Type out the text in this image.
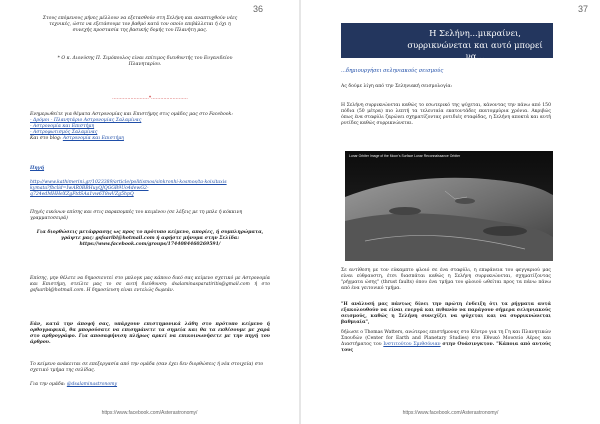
36
Στους επόμενους μήνες μέλλουν να εξετασθούν στη Σελήνη και αναπτυχθούν νέες τεχνικές, ώστε να εξετάσουμε τον βαθμό κατά τον οποίο επιβάλλεται ή όχι η συνεχής προστασία της βασικής δομής του Πλανήτη μας.
* Ο κ. Διονύσης Π. Σιμόπουλος είναι επίτιμος διευθυντής του Ευγενιδείου Πλανηταρίου.
……………………*……………………
Ενημερωθείτε για θέματα Αστρονομίας και Επιστήμης στις ομάδες μας στο Facebook:
- Δρόμοι - Πλανητάριο Αστρονομίας Σαλαμίνας
- Αστρονομία και Επιστήμη
- Αστροφωτισμός Σαλαμίνας
Και στο blog: Αστρονομία και Επιστήμη
Πηγή
http://www.kathimerini.gr/1023389/article/politismos/sinkronhi-kosmos/ta-koixitaxis
kymata?fbclid=IwAR0BBHuyQJQGGB9Uo4dewG2-
q724edMHHeXZgFtdSAa1vw6T8wVZg5hpQ
Πηγές εικόνων επίσης και στις παραπομπές του κειμένου (σε λέξεις με τη μπλε ή κόκκινη γραμματοσειρά)
Για διορθώσεις μετάφρασης ως προς το πρότυπο κείμενο, απορίες, ή συμπληρώματα, γράψτε μας: gsfsaribl@hotmail.com ή αφήστε μήνυμα στην Σελίδα: https://www.facebook.com/groups/1744084460269591/
Επίσης, μην θέλετε να δημοσιευτεί στο μπλογκ μας κάποιο δικό σας κείμενο σχετικό με Αστρονομία και Επιστήμη, στείλτε μας το σε αυτή διεύθυνση: dsalaminasparatiritis@gmail.com ή στο gsfsaribl@hotmail.com. Η δημοσίευση είναι εντελώς δωρεάν.
Εάν, κατά την άποψή σας, υπάρχουν επιστημονικά λάθη στο πρότυπο κείμενο ή ορθογραφικά, θα μπορούσατε να επισημάνετε τα σημεία και θα τα εκθέσουμε με χαρά στο αρθρογράφο. Για αποσαφήνιση πλήρως αρκεί να επικοινωνήσετε με την πηγή του άρθρου.
Το κείμενο ανάκειται σε επεξεργασία από την ομάδα (σαν έχει δεν διορθώσεις ή νέα στοιχεία) στο σχετικό τμήμα της σελίδας.
Για την ομάδα: @dsalaminastronomy
https://www.facebook.com/Asterastronomy/
37
Η Σελήνη...μικραίνει, συρρικνώνεται και αυτό μπορεί να...
...δημιουργήσει σεληνιακούς σεισμούς
Ας δούμε λίγη από την Σεληνιακή σεισμολογία:
Η Σελήνη συρρικνώνεται καθώς το εσωτερικό της ψύχεται, κάνοντας την πάνω από 150 πόδια (50 μέτρα) πιο λεπτή τα τελευταία εκατοντάδες εκατομμύρια χρόνια. Ακριβώς όπως ένα σταφύλι ζαρώνει σχηματίζοντας ρυτιδιές σταφίδας, η Σελήνη αποκτά και αυτή ρυτίδες καθώς συρρικνώνεται.
Lunar Orbiter Image of the Moon's Surface Lunar Reconnaissance Orbiter
Σε αντίθεση με τον εύκαμπτο φλοιό σε ένα σταφύλι, η επιφάνεια του φεγγαριού μας είναι εύθραυστη, έτσι διασπάται καθώς η Σελήνη συρρικνώνεται, σχηματίζοντας "ρήγματα ώσης" (thrust faults) όπου ένα τμήμα του φλοιού ωθείται προς τα πάνω πάνω από ένα γειτονικό τμήμα.
"Η ανάλυσή μας πάντως δίνει την πρώτη ένδειξη ότι τα ρήγματα αυτά εξακολουθούν να είναι ενεργά και πιθανόν να παράγουν σήμερα σεληνιακούς σεισμούς, καθώς η Σελήνη συνεχίζει να ψύχεται και να συρρικνώνεται βαθμιαία",
δήλωσε ο Thomas Watters, ανώτερος επιστήμονας στο Κέντρο για τη Γη και Πλανητικών Σπουδών (Center for Earth and Planetary Studies) στο Εθνικό Μουσείο Αέρος και Διαστήματος του Ινστιτούτου Σμιθσόνιαν στην Ουάσινγκτον. "Κάποια από αυτούς τους
https://www.facebook.com/Asterastronomy/
